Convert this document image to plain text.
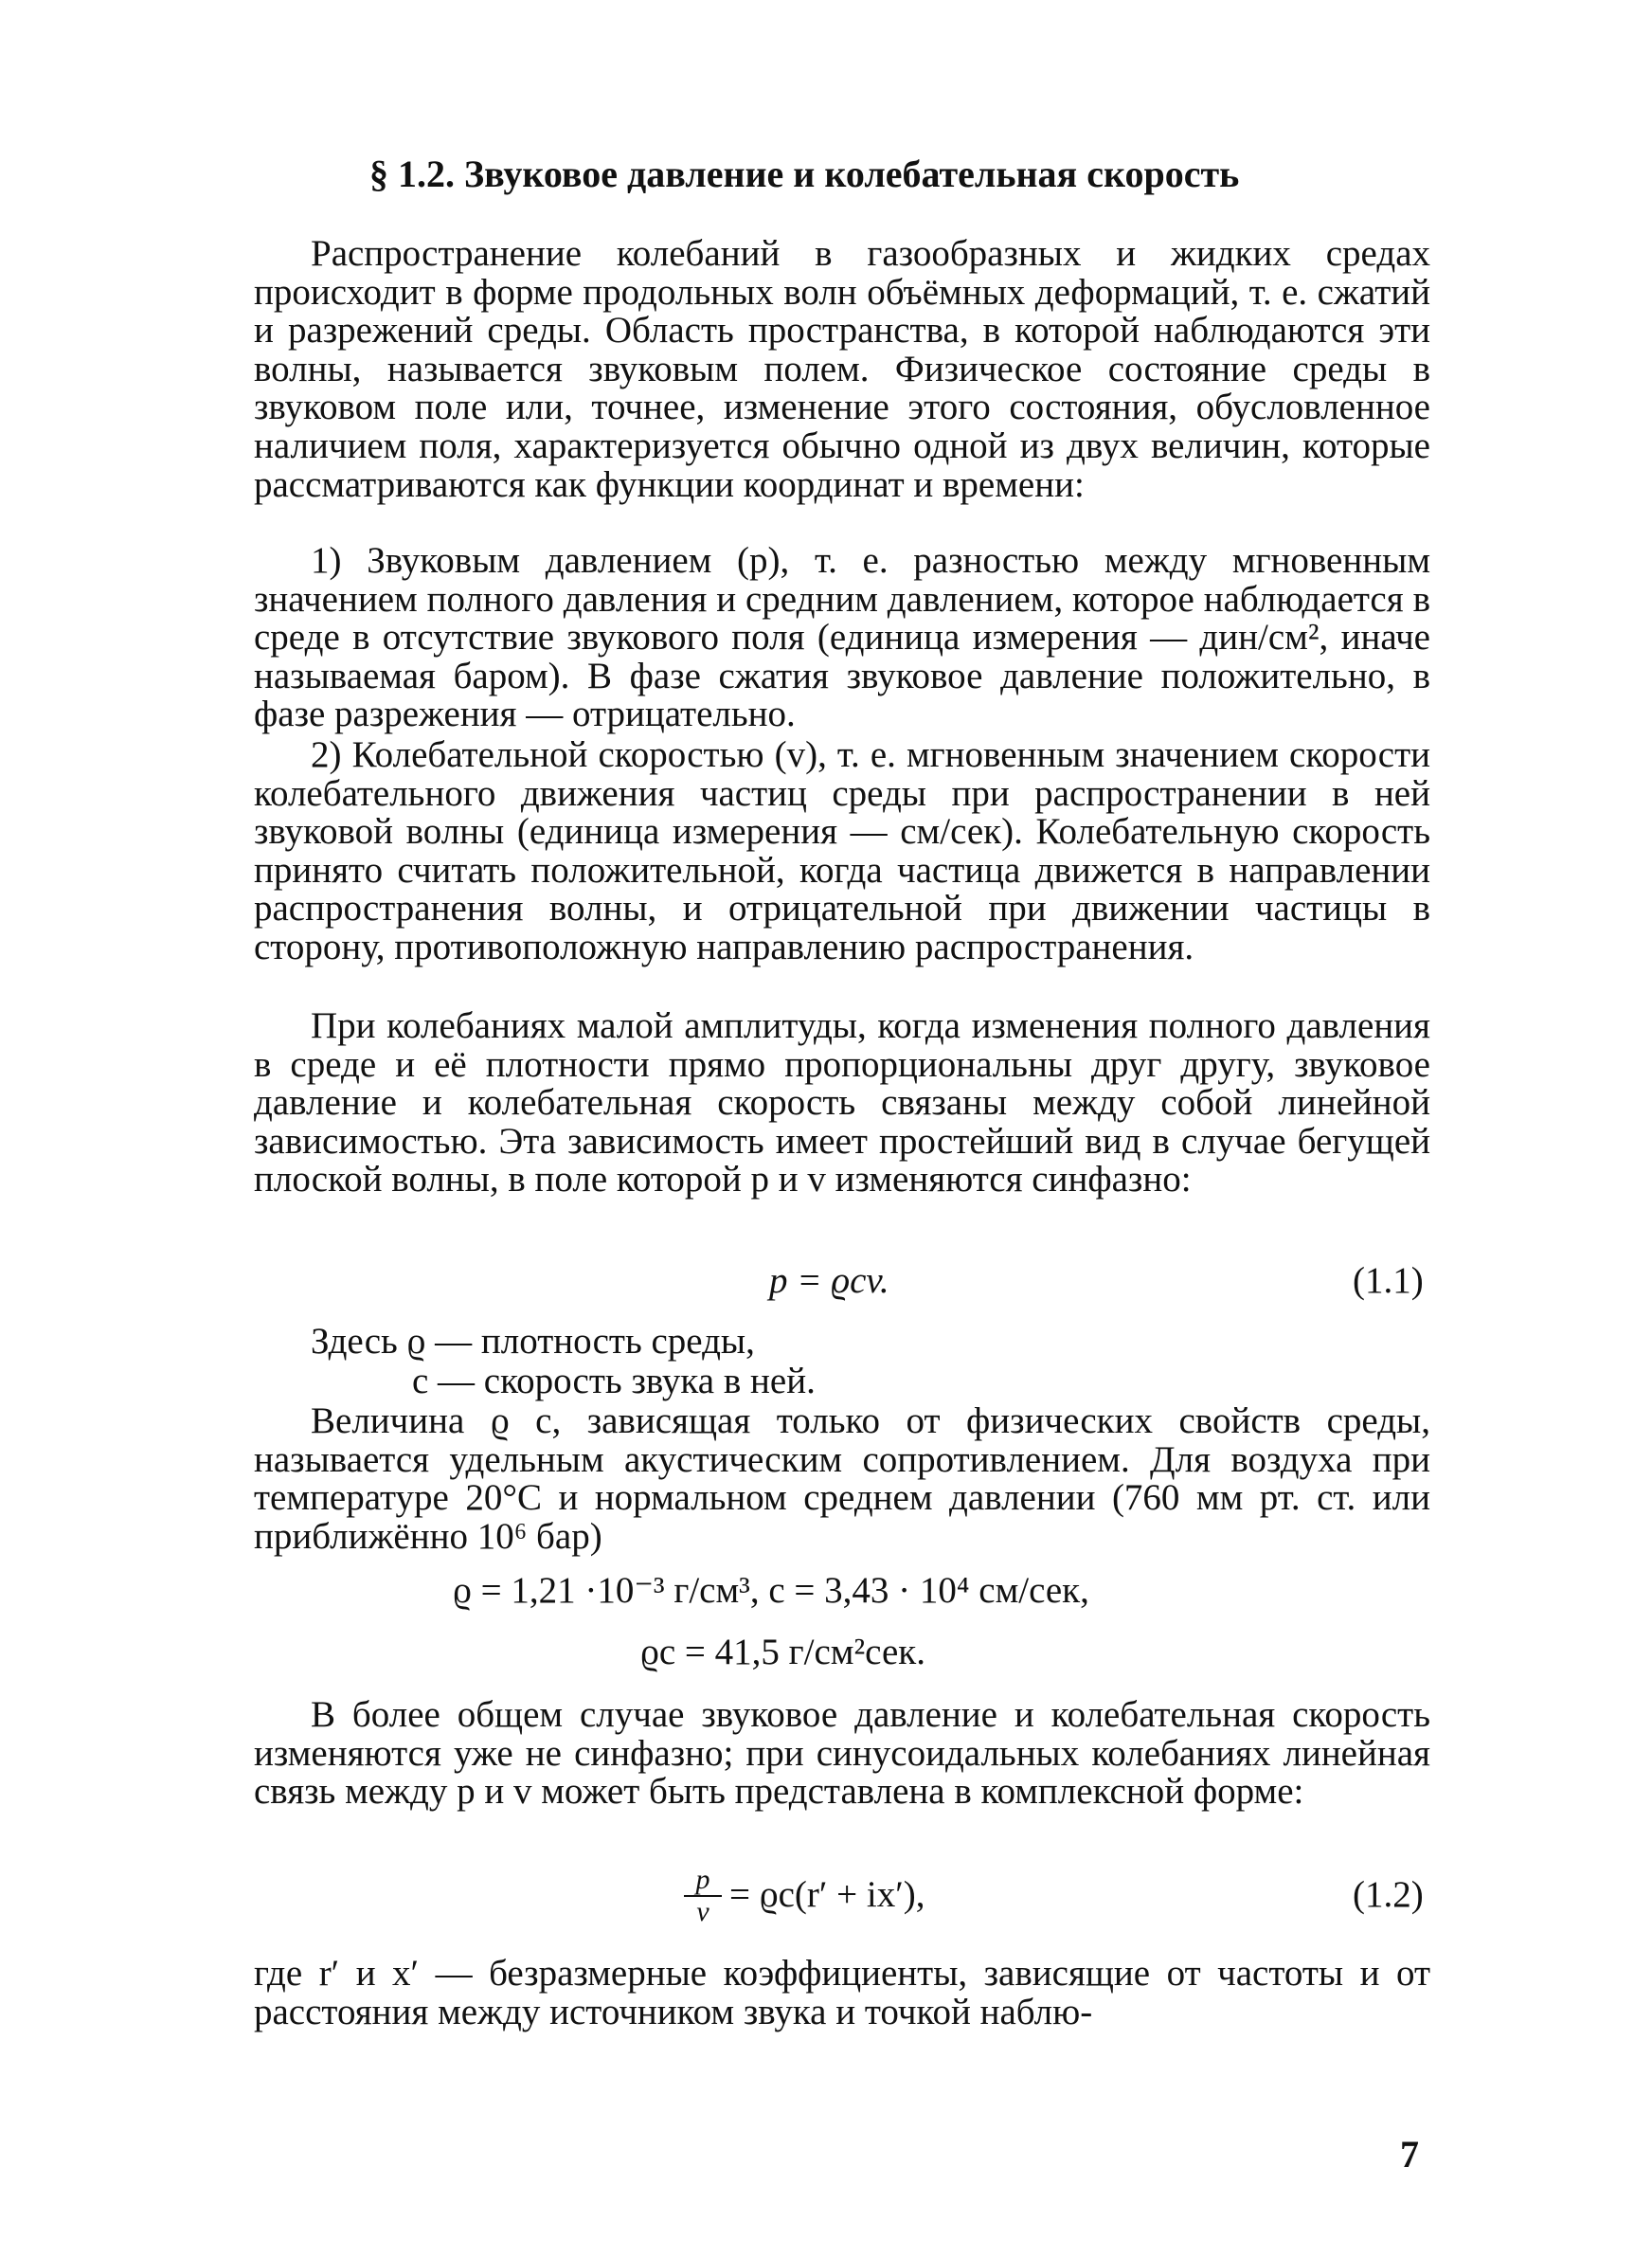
§ 1.2. Звуковое давление и колебательная скорость

Распространение колебаний в газообразных и жидких средах происходит в форме продольных волн объёмных деформаций, т. е. сжатий и разрежений среды. Область пространства, в которой наблюдаются эти волны, называется звуковым полем. Физическое состояние среды в звуковом поле или, точнее, изменение этого состояния, обусловленное наличием поля, характеризуется обычно одной из двух величин, которые рассматриваются как функции координат и времени:

1) Звуковым давлением (p), т. е. разностью между мгновенным значением полного давления и средним давлением, которое наблюдается в среде в отсутствие звукового поля (единица измерения — дин/см², иначе называемая баром). В фазе сжатия звуковое давление положительно, в фазе разрежения — отрицательно.

2) Колебательной скоростью (v), т. е. мгновенным значением скорости колебательного движения частиц среды при распространении в ней звуковой волны (единица измерения — см/сек). Колебательную скорость принято считать положительной, когда частица движется в направлении распространения волны, и отрицательной при движении частицы в сторону, противоположную направлению распространения.

При колебаниях малой амплитуды, когда изменения полного давления в среде и её плотности прямо пропорциональны друг другу, звуковое давление и колебательная скорость связаны между собой линейной зависимостью. Эта зависимость имеет простейший вид в случае бегущей плоской волны, в поле которой p и v изменяются синфазно:

p = ϱcv.	(1.1)
Здесь ϱ — плотность среды,
c — скорость звука в ней.

Величина ϱ c, зависящая только от физических свойств среды, называется удельным акустическим сопротивлением. Для воздуха при температуре 20°C и нормальном среднем давлении (760 мм рт. ст. или приближённо 10⁶ бар)

ϱ = 1,21 ·10⁻³ г/см³, c = 3,43 · 10⁴ см/сек,
ϱc = 41,5 г/см²сек.

В более общем случае звуковое давление и колебательная скорость изменяются уже не синфазно; при синусоидальных колебаниях линейная связь между p и v может быть представлена в комплексной форме:

$\frac{p}{v} = ϱc(r' + ix')$,	(1.2)

где r′ и x′ — безразмерные коэффициенты, зависящие от частоты и от расстояния между источником звука и точкой наблю-

7
